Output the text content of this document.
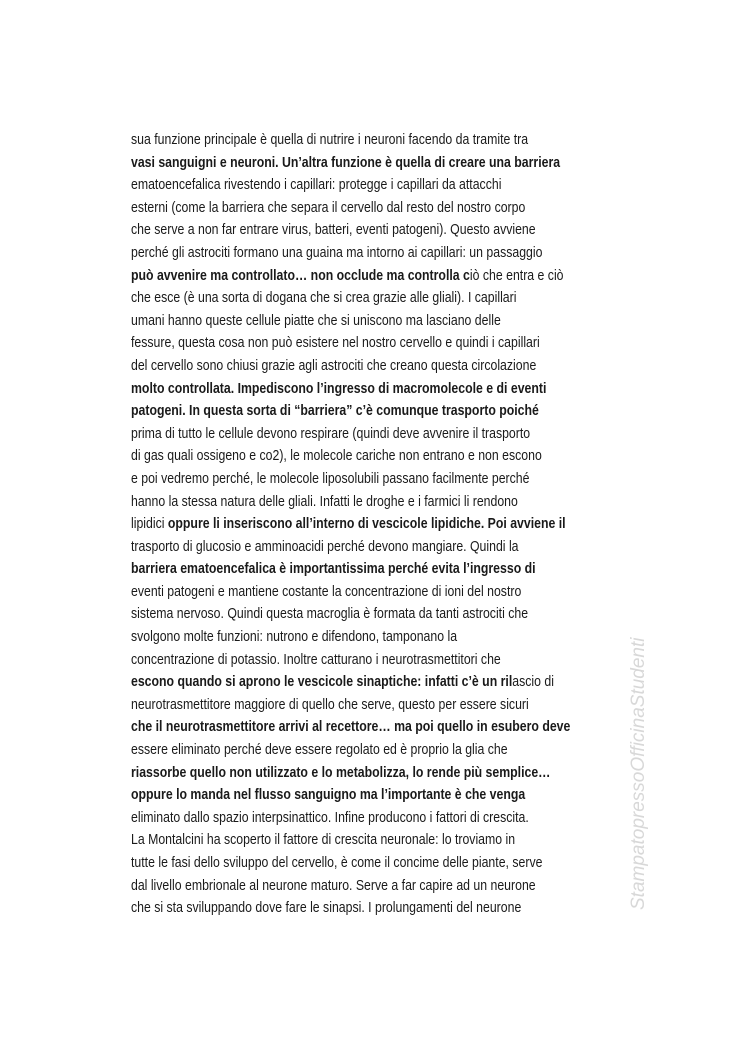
sua funzione principale è quella di nutrire i neuroni facendo da tramite tra
vasi sanguigni e neuroni. Un’altra funzione è quella di creare una barriera
ematoencefalica rivestendo i capillari: protegge i capillari da attacchi
esterni (come la barriera che separa il cervello dal resto del nostro corpo
che serve a non far entrare virus, batteri, eventi patogeni). Questo avviene
perché gli astrociti formano una guaina ma intorno ai capillari: un passaggio
può avvenire ma controllato… non occlude ma controlla ciò che entra e ciò
che esce (è una sorta di dogana che si crea grazie alle gliali). I capillari
umani hanno queste cellule piatte che si uniscono ma lasciano delle
fessure, questa cosa non può esistere nel nostro cervello e quindi i capillari
del cervello sono chiusi grazie agli astrociti che creano questa circolazione
molto controllata. Impediscono l’ingresso di macromolecole e di eventi
patogeni. In questa sorta di “barriera” c’è comunque trasporto poiché
prima di tutto le cellule devono respirare (quindi deve avvenire il trasporto
di gas quali ossigeno e co2), le molecole cariche non entrano e non escono
e poi vedremo perché, le molecole liposolubili passano facilmente perché
hanno la stessa natura delle gliali. Infatti le droghe e i farmici li rendono
lipidici oppure li inseriscono all’interno di vescicole lipidiche. Poi avviene il
trasporto di glucosio e amminoacidi perché devono mangiare. Quindi la
barriera ematoencefalica è importantissima perché evita l’ingresso di
eventi patogeni e mantiene costante la concentrazione di ioni del nostro
sistema nervoso. Quindi questa macroglia è formata da tanti astrociti che
svolgono molte funzioni: nutrono e difendono, tamponano la
concentrazione di potassio. Inoltre catturano i neurotrasmettitori che
escono quando si aprono le vescicole sinaptiche: infatti c’è un rilascio di
neurotrasmettitore maggiore di quello che serve, questo per essere sicuri
che il neurotrasmettitore arrivi al recettore… ma poi quello in esubero deve
essere eliminato perché deve essere regolato ed è proprio la glia che
riassorbe quello non utilizzato e lo metabolizza, lo rende più semplice…
oppure lo manda nel flusso sanguigno ma l’importante è che venga
eliminato dallo spazio interpsinattico. Infine producono i fattori di crescita.
La Montalcini ha scoperto il fattore di crescita neuronale: lo troviamo in
tutte le fasi dello sviluppo del cervello, è come il concime delle piante, serve
dal livello embrionale al neurone maturo. Serve a far capire ad un neurone
che si sta sviluppando dove fare le sinapsi. I prolungamenti del neurone	StampatopressoOfficinaStudenti
